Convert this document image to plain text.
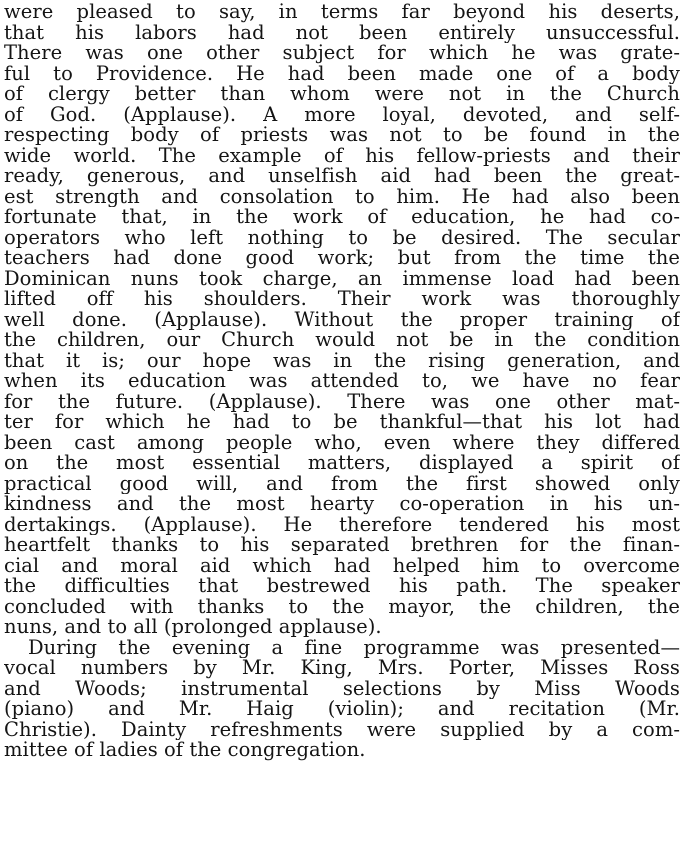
were pleased to say, in terms far beyond his deserts,
that his labors had not been entirely unsuccessful.
There was one other subject for which he was grate-
ful to Providence. He had been made one of a body
of clergy better than whom were not in the Church
of God. (Applause). A more loyal, devoted, and self-
respecting body of priests was not to be found in the
wide world. The example of his fellow-priests and their
ready, generous, and unselfish aid had been the great-
est strength and consolation to him. He had also been
fortunate that, in the work of education, he had co-
operators who left nothing to be desired. The secular
teachers had done good work; but from the time the
Dominican nuns took charge, an immense load had been
lifted off his shoulders. Their work was thoroughly
well done. (Applause). Without the proper training of
the children, our Church would not be in the condition
that it is; our hope was in the rising generation, and
when its education was attended to, we have no fear
for the future. (Applause). There was one other mat-
ter for which he had to be thankful—that his lot had
been cast among people who, even where they differed
on the most essential matters, displayed a spirit of
practical good will, and from the first showed only
kindness and the most hearty co-operation in his un-
dertakings. (Applause). He therefore tendered his most
heartfelt thanks to his separated brethren for the finan-
cial and moral aid which had helped him to overcome
the difficulties that bestrewed his path. The speaker
concluded with thanks to the mayor, the children, the
nuns, and to all (prolonged applause).
During the evening a fine programme was presented—
vocal numbers by Mr. King, Mrs. Porter, Misses Ross
and Woods; instrumental selections by Miss Woods
(piano) and Mr. Haig (violin); and recitation (Mr.
Christie). Dainty refreshments were supplied by a com-
mittee of ladies of the congregation.
